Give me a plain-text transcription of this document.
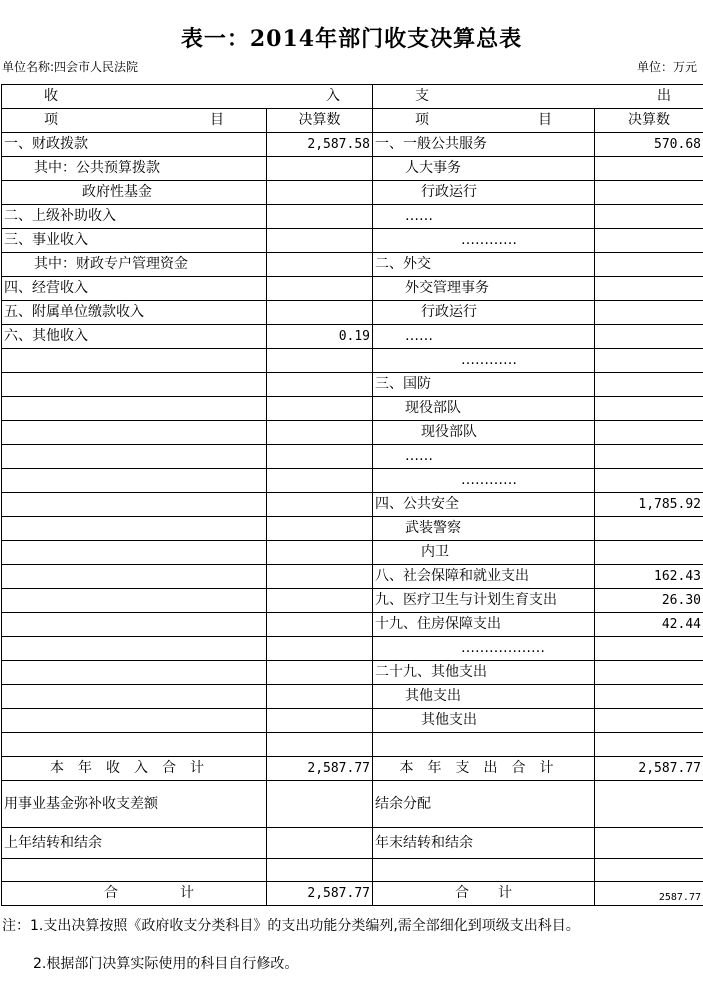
表一：2014年部门收支决算总表
单位名称:四会市人民法院	单位：万元
收 入		支 出	

项 目	决算数	项 目	决算数
一、财政拨款	2,587.58	一、一般公共服务	570.68
其中：公共预算拨款		人大事务	
政府性基金		行政运行	
二、上级补助收入		……	
三、事业收入		…………	
其中：财政专户管理资金		二、外交	
四、经营收入		外交管理事务	
五、附属单位缴款收入		行政运行	
六、其他收入	0.19	……	
		…………	
		三、国防	
		现役部队	
		现役部队	
		……	
		…………	
		四、公共安全	1,785.92
		武装警察	
		内卫	
		八、社会保障和就业支出	162.43
		九、医疗卫生与计划生育支出	26.30
		十九、住房保障支出	42.44
		………………	
		二十九、其他支出	
		其他支出	
		其他支出	

本年收入合计	2,587.77	本年支出合计	2,587.77
用事业基金弥补收支差额		结余分配	
上年结转和结余		年末结转和结余	

合 计	2,587.77	合 计	2587.77
注：1.支出决算按照《政府收支分类科目》的支出功能分类编列,需全部细化到项级支出科目。
2.根据部门决算实际使用的科目自行修改。
